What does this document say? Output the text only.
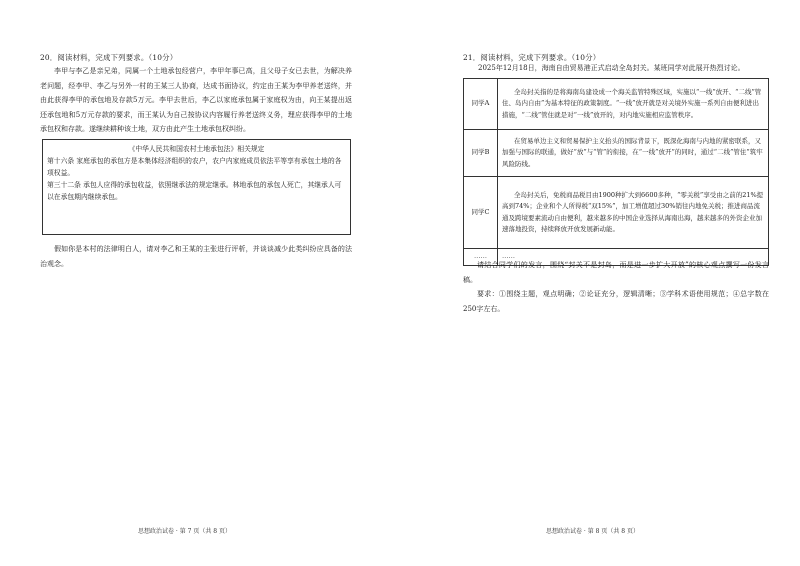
20．阅读材料，完成下列要求。（10分）
李甲与李乙是亲兄弟，同属一个土地承包经营户，李甲年事已高，且父母子女已去世，为解决养老问题，经李甲、李乙与另外一村的王某三人协商，达成书面协议，约定由王某为李甲养老送终，并由此获得李甲的承包地及存款5万元。李甲去世后，李乙以家庭承包属于家庭权为由，向王某提出返还承包地和5万元存款的要求，而王某认为自己按协议内容履行养老送终义务，理应获得李甲的土地承包权和存款。遂继续耕种该土地，双方由此产生土地承包权纠纷。
《中华人民共和国农村土地承包法》相关规定
第十六条 家庭承包的承包方是本集体经济组织的农户，农户内家庭成员依法平等享有承包土地的各项权益。
第三十二条 承包人应得的承包收益，依照继承法的规定继承。林地承包的承包人死亡，其继承人可以在承包期内继续承包。
假如你是本村的法律明白人，请对李乙和王某的主张进行评析，并谈谈减少此类纠纷应具备的法治观念。
思想政治试卷 · 第 7 页（共 8 页）
21．阅读材料，完成下列要求。（10分）
2025年12月18日，海南自由贸易港正式启动全岛封关。某班同学对此展开热烈讨论。
同学A	全岛封关指的是将海南岛建设成一个海关监管特殊区域，实施以“一线”放开、“二线”管住、岛内自由”为基本特征的政策制度。“一线”放开就是对关境外实施一系列自由便利进出措施，“二线”管住就是对“一线”放开的，对内地实施相应监管秩序。
同学B	在贸易单边主义和贸易保护主义抬头的国际背景下，既深化海南与内地的紧密联系，又加强与国际的联通，做好“放”与“管”的衔接，在“一线”放开”的同时，通过“二线”管住”筑牢风险防线。
同学C	全岛封关后，免税商品税目由1900种扩大到6600多种，“零关税”享受由之前的21%提高到74%；企业和个人所得税“双15%”，加工增值超过30%销往内地免关税；推进商品流通及跨境要素流动自由便利，越来越多的中国企业选择从海南出海，越来越多的外资企业加速落地投资，持续释放开放发展新动能。
……	……
请结合同学们的发言，围绕“封关不是封岛，而是进一步扩大开放”的核心观点撰写一份发言稿。
要求：①围绕主题，观点明确；②论证充分，逻辑清晰；③学科术语使用规范；④总字数在250字左右。
思想政治试卷 · 第 8 页（共 8 页）
